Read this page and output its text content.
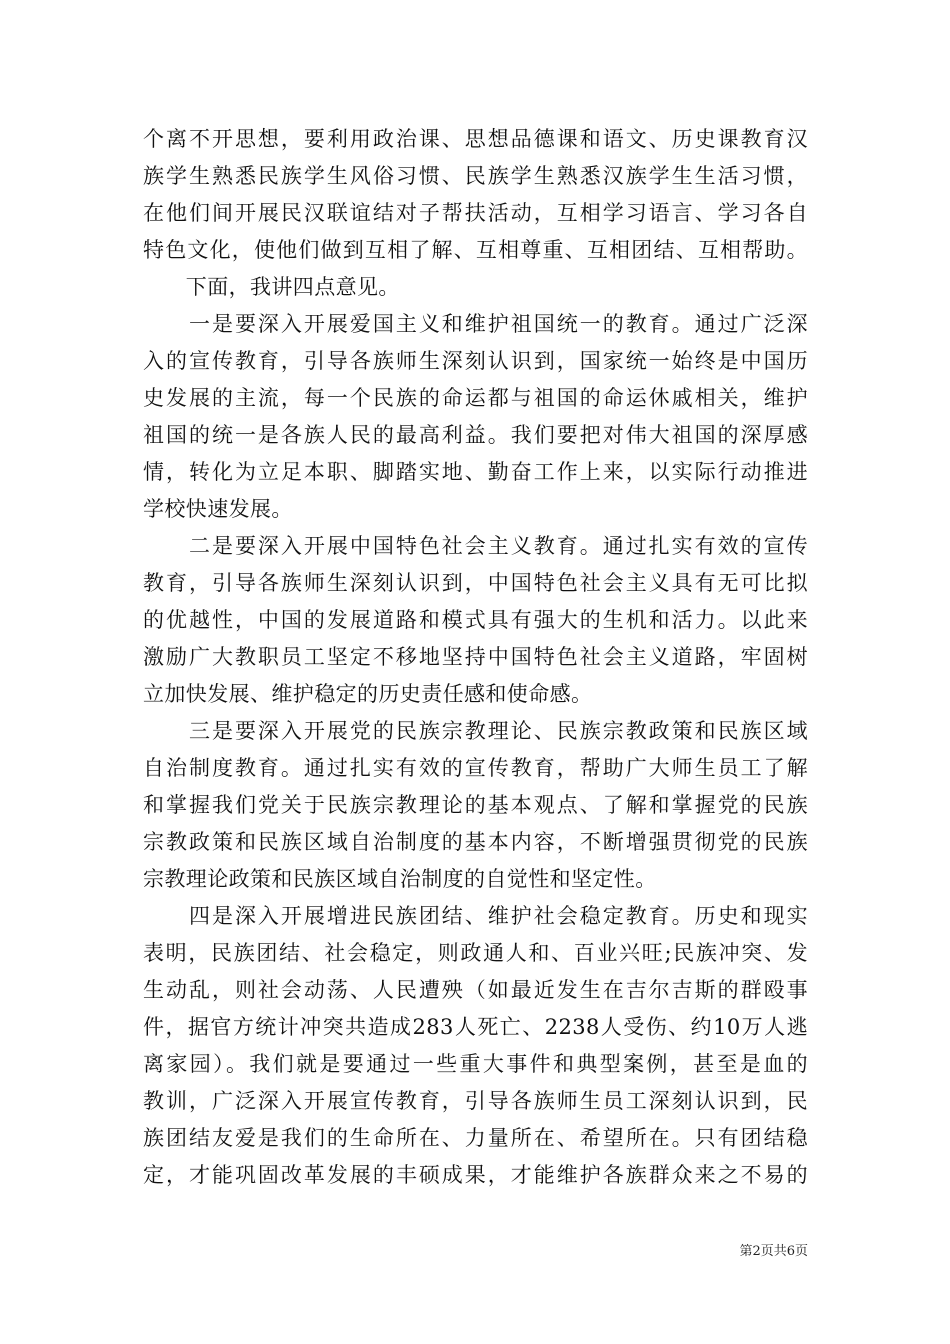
个离不开思想，要利用政治课、思想品德课和语文、历史课教育汉
族学生熟悉民族学生风俗习惯、民族学生熟悉汉族学生生活习惯，
在他们间开展民汉联谊结对子帮扶活动，互相学习语言、学习各自
特色文化，使他们做到互相了解、互相尊重、互相团结、互相帮助。
　　下面，我讲四点意见。
　　一是要深入开展爱国主义和维护祖国统一的教育。通过广泛深
入的宣传教育，引导各族师生深刻认识到，国家统一始终是中国历
史发展的主流，每一个民族的命运都与祖国的命运休戚相关，维护
祖国的统一是各族人民的最高利益。我们要把对伟大祖国的深厚感
情，转化为立足本职、脚踏实地、勤奋工作上来，以实际行动推进
学校快速发展。
　　二是要深入开展中国特色社会主义教育。通过扎实有效的宣传
教育，引导各族师生深刻认识到，中国特色社会主义具有无可比拟
的优越性，中国的发展道路和模式具有强大的生机和活力。以此来
激励广大教职员工坚定不移地坚持中国特色社会主义道路，牢固树
立加快发展、维护稳定的历史责任感和使命感。
　　三是要深入开展党的民族宗教理论、民族宗教政策和民族区域
自治制度教育。通过扎实有效的宣传教育，帮助广大师生员工了解
和掌握我们党关于民族宗教理论的基本观点、了解和掌握党的民族
宗教政策和民族区域自治制度的基本内容，不断增强贯彻党的民族
宗教理论政策和民族区域自治制度的自觉性和坚定性。
　　四是深入开展增进民族团结、维护社会稳定教育。历史和现实
表明，民族团结、社会稳定，则政通人和、百业兴旺;民族冲突、发
生动乱，则社会动荡、人民遭殃（如最近发生在吉尔吉斯的群殴事
件，据官方统计冲突共造成283人死亡、2238人受伤、约10万人逃
离家园）。我们就是要通过一些重大事件和典型案例，甚至是血的
教训，广泛深入开展宣传教育，引导各族师生员工深刻认识到，民
族团结友爱是我们的生命所在、力量所在、希望所在。只有团结稳
定，才能巩固改革发展的丰硕成果，才能维护各族群众来之不易的
第2页共6页
